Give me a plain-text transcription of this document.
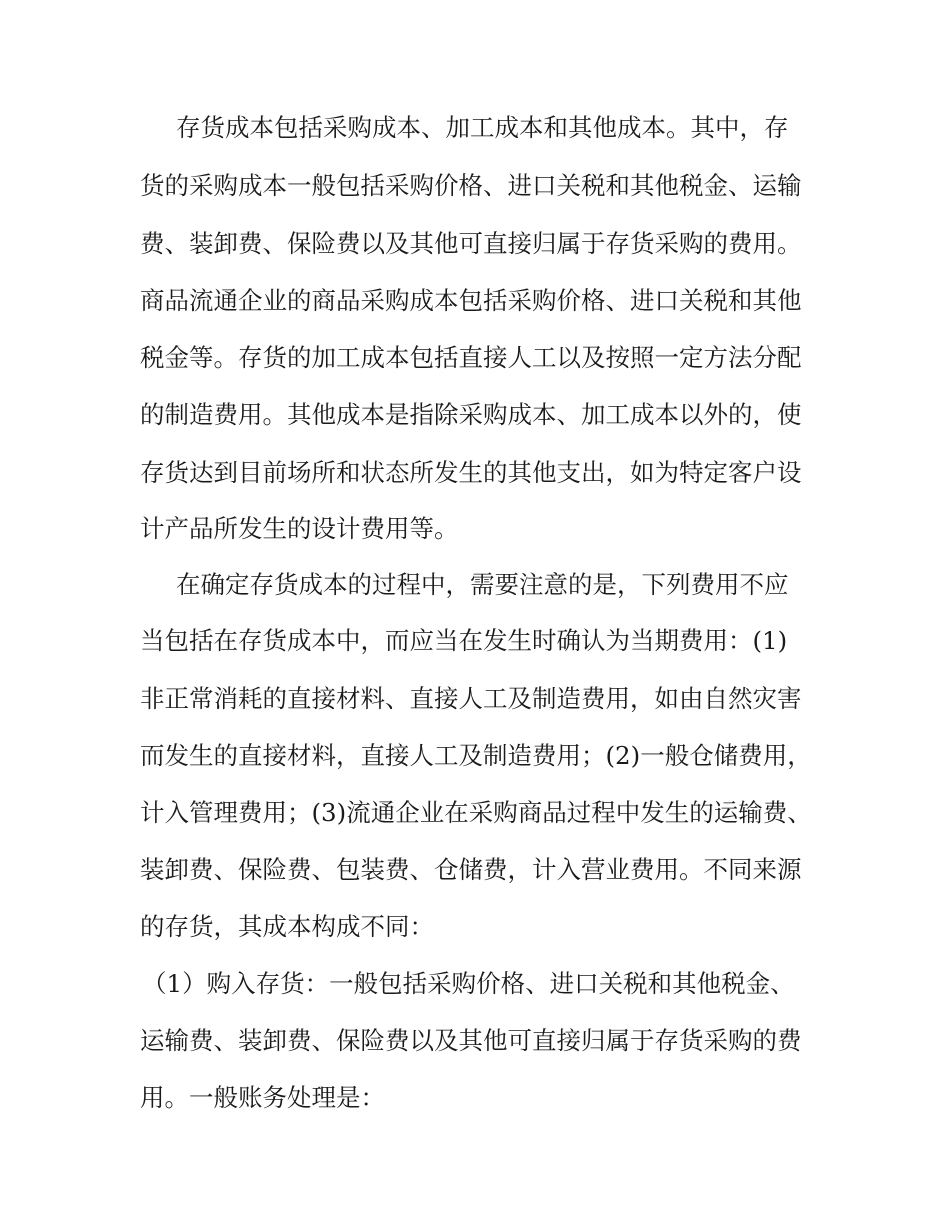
存货成本包括采购成本、加工成本和其他成本。其中，存
货的采购成本一般包括采购价格、进口关税和其他税金、运输
费、装卸费、保险费以及其他可直接归属于存货采购的费用。
商品流通企业的商品采购成本包括采购价格、进口关税和其他
税金等。存货的加工成本包括直接人工以及按照一定方法分配
的制造费用。其他成本是指除采购成本、加工成本以外的，使
存货达到目前场所和状态所发生的其他支出，如为特定客户设
计产品所发生的设计费用等。
在确定存货成本的过程中，需要注意的是，下列费用不应
当包括在存货成本中，而应当在发生时确认为当期费用：(1)
非正常消耗的直接材料、直接人工及制造费用，如由自然灾害
而发生的直接材料，直接人工及制造费用；(2)一般仓储费用，
计入管理费用；(3)流通企业在采购商品过程中发生的运输费、
装卸费、保险费、包装费、仓储费，计入营业费用。不同来源
的存货，其成本构成不同：
（1）购入存货：一般包括采购价格、进口关税和其他税金、
运输费、装卸费、保险费以及其他可直接归属于存货采购的费
用。一般账务处理是：
